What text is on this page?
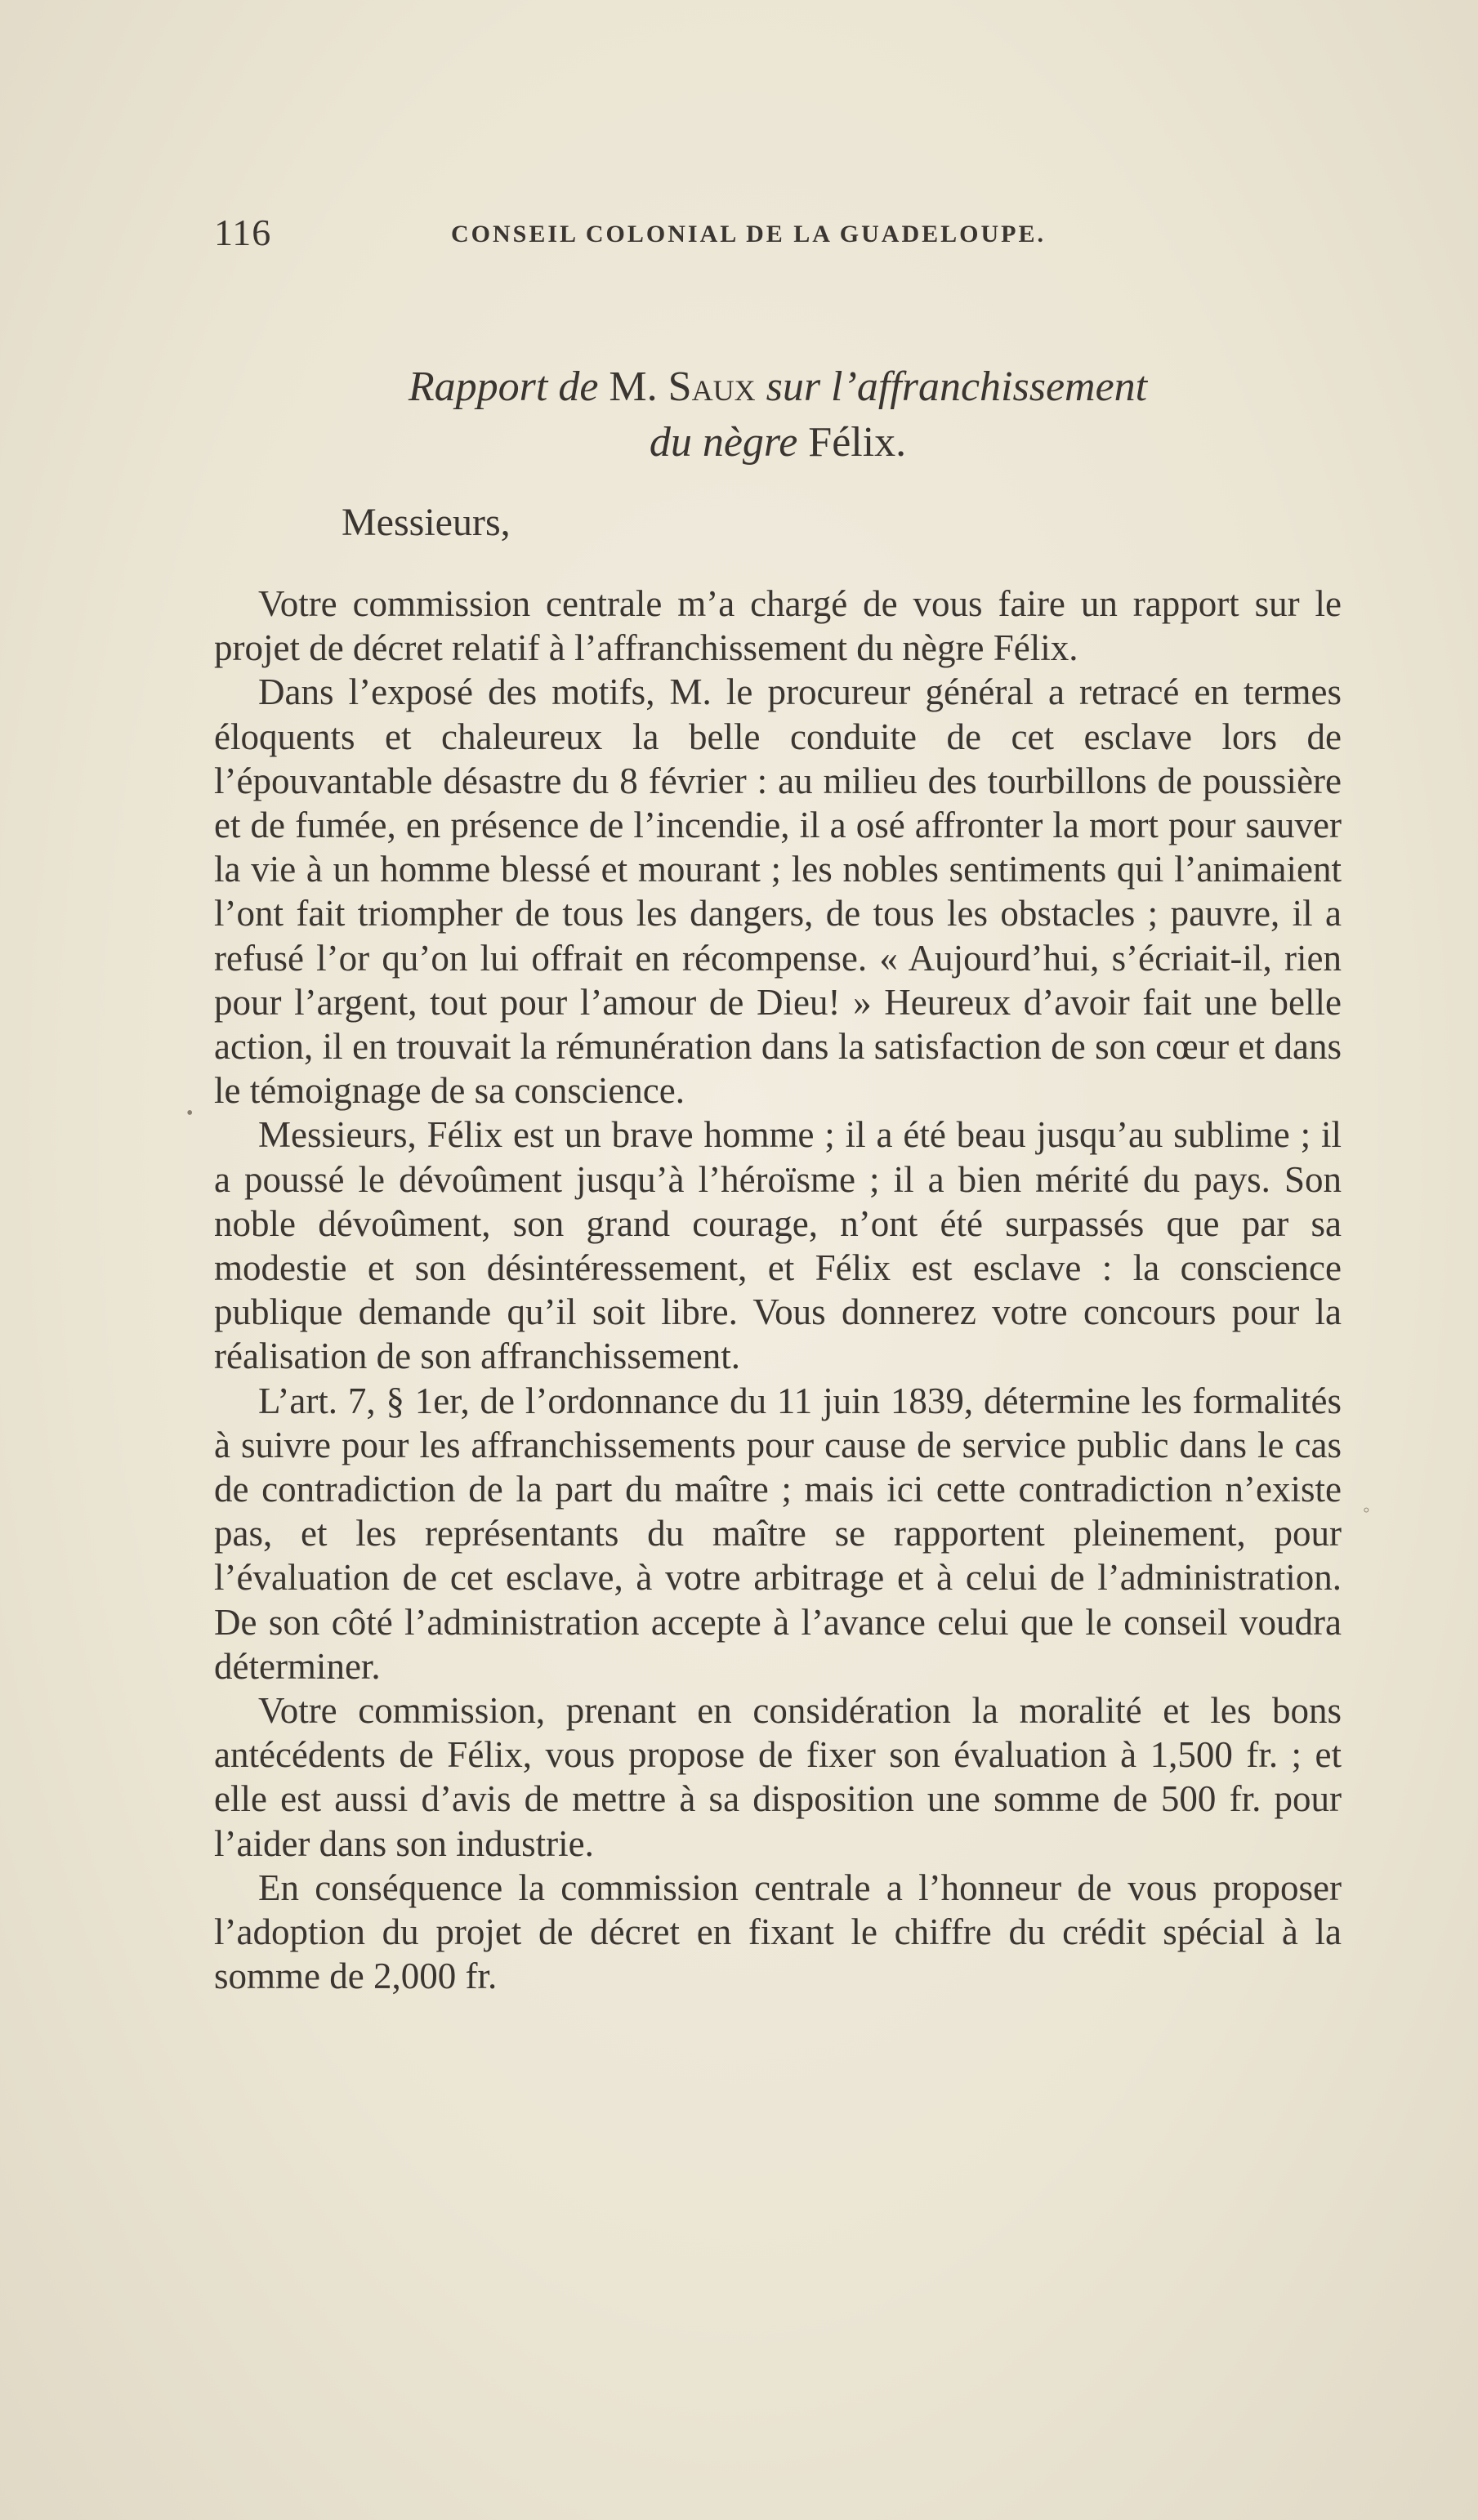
116	CONSEIL COLONIAL DE LA GUADELOUPE.
Rapport de M. Saux sur l’affranchissement
du nègre Félix.
Messieurs,

Votre commission centrale m’a chargé de vous faire un rapport sur le projet de décret relatif à l’affranchissement du nègre Félix.

Dans l’exposé des motifs, M. le procureur général a retracé en termes éloquents et chaleureux la belle conduite de cet esclave lors de l’épouvantable désastre du 8 février : au milieu des tourbillons de poussière et de fumée, en présence de l’incendie, il a osé affronter la mort pour sauver la vie à un homme blessé et mourant ; les nobles sentiments qui l’animaient l’ont fait triompher de tous les dangers, de tous les obstacles ; pauvre, il a refusé l’or qu’on lui offrait en récompense. « Aujourd’hui, s’écriait-il, rien pour l’argent, tout pour l’amour de Dieu! » Heureux d’avoir fait une belle action, il en trouvait la rémunération dans la satisfaction de son cœur et dans le témoignage de sa conscience.

Messieurs, Félix est un brave homme ; il a été beau jusqu’au sublime ; il a poussé le dévoûment jusqu’à l’héroïsme ; il a bien mérité du pays. Son noble dévoûment, son grand courage, n’ont été surpassés que par sa modestie et son désintéressement, et Félix est esclave : la conscience publique demande qu’il soit libre. Vous donnerez votre concours pour la réalisation de son affranchissement.

L’art. 7, § 1er, de l’ordonnance du 11 juin 1839, détermine les formalités à suivre pour les affranchissements pour cause de service public dans le cas de contradiction de la part du maître ; mais ici cette contradiction n’existe pas, et les représentants du maître se rapportent pleinement, pour l’évaluation de cet esclave, à votre arbitrage et à celui de l’administration. De son côté l’administration accepte à l’avance celui que le conseil voudra déterminer.

Votre commission, prenant en considération la moralité et les bons antécédents de Félix, vous propose de fixer son évaluation à 1,500 fr. ; et elle est aussi d’avis de mettre à sa disposition une somme de 500 fr. pour l’aider dans son industrie.

En conséquence la commission centrale a l’honneur de vous proposer l’adoption du projet de décret en fixant le chiffre du crédit spécial à la somme de 2,000 fr.

◦
•
